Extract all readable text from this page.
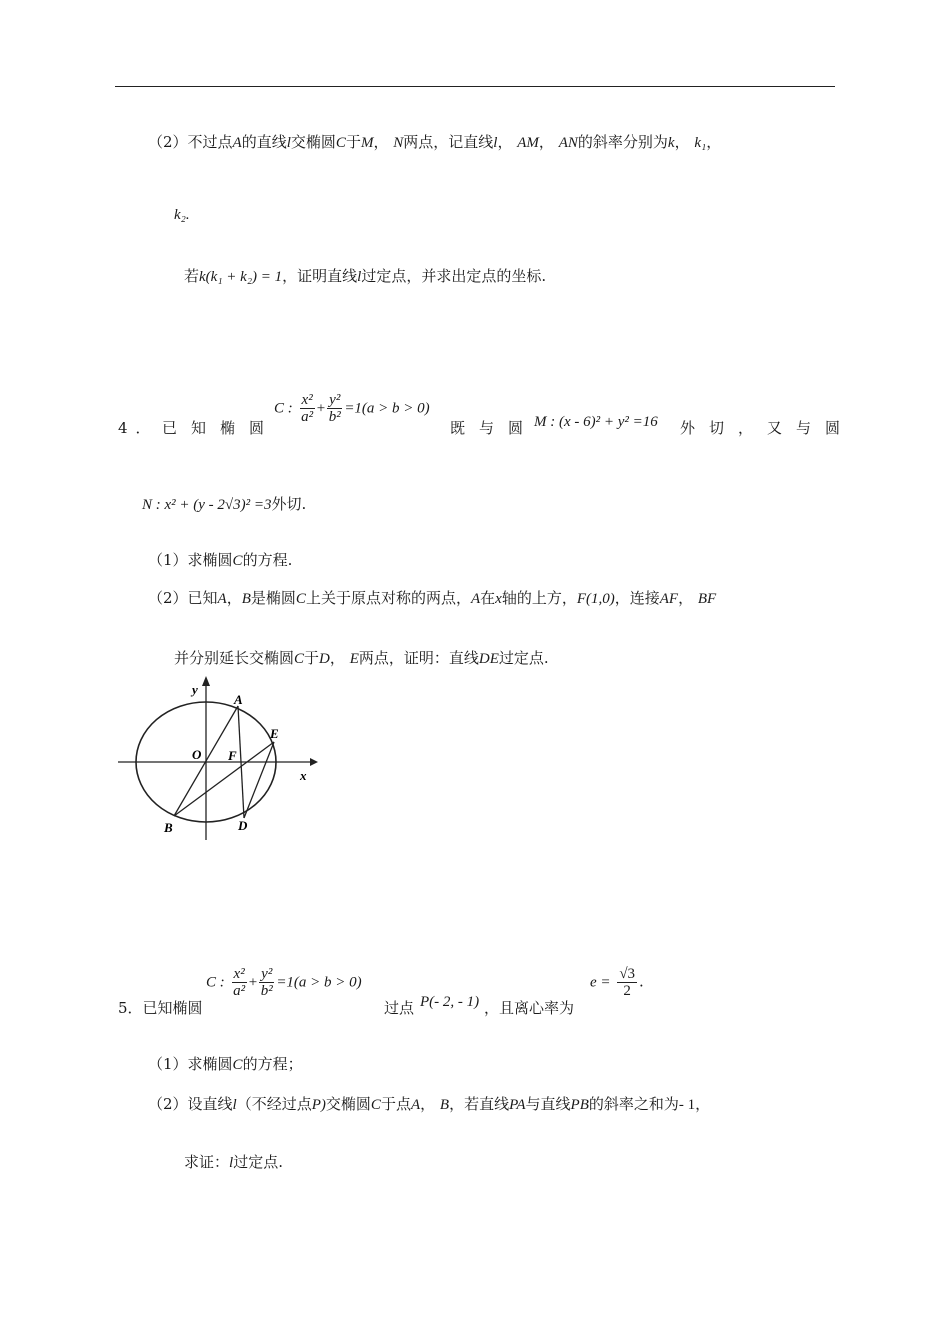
（2）不过点A的直线l交椭圆C于M， N两点，记直线l， AM， AN的斜率分别为k， k₁，
k₂.
若k(k₁ + k₂) = 1，证明直线l过定点，并求出定点的坐标.
4． 已知椭圆
C : $\frac{\text{x²}}{\text{a²}} + \frac{\text{y²}}{\text{b²}} =1(a > b > 0)$
既与圆
M : (x - 6)² + y² =16 外切，又与圆
N : x² + (y - 2√3)² =3外切.
（1）求椭圆C的方程.
（2）已知A，B是椭圆C上关于原点对称的两点，A在x轴的上方，F(1,0)，连接AF， BF
并分别延长交椭圆C于D， E两点，证明：直线DE过定点.
y
x
O F
A
E
B	D
5．已知椭圆
C : $\frac{\text{x²}}{\text{a²}} + \frac{\text{y²}}{\text{b²}} =1(a > b > 0)$
过点 P(- 2, - 1) ，且离心率为
$e = \frac{√3}{2}$ .
（1）求椭圆C的方程；
（2）设直线l（不经过点P)交椭圆C于点A， B，若直线PA与直线PB的斜率之和为- 1，
求证：l过定点.
